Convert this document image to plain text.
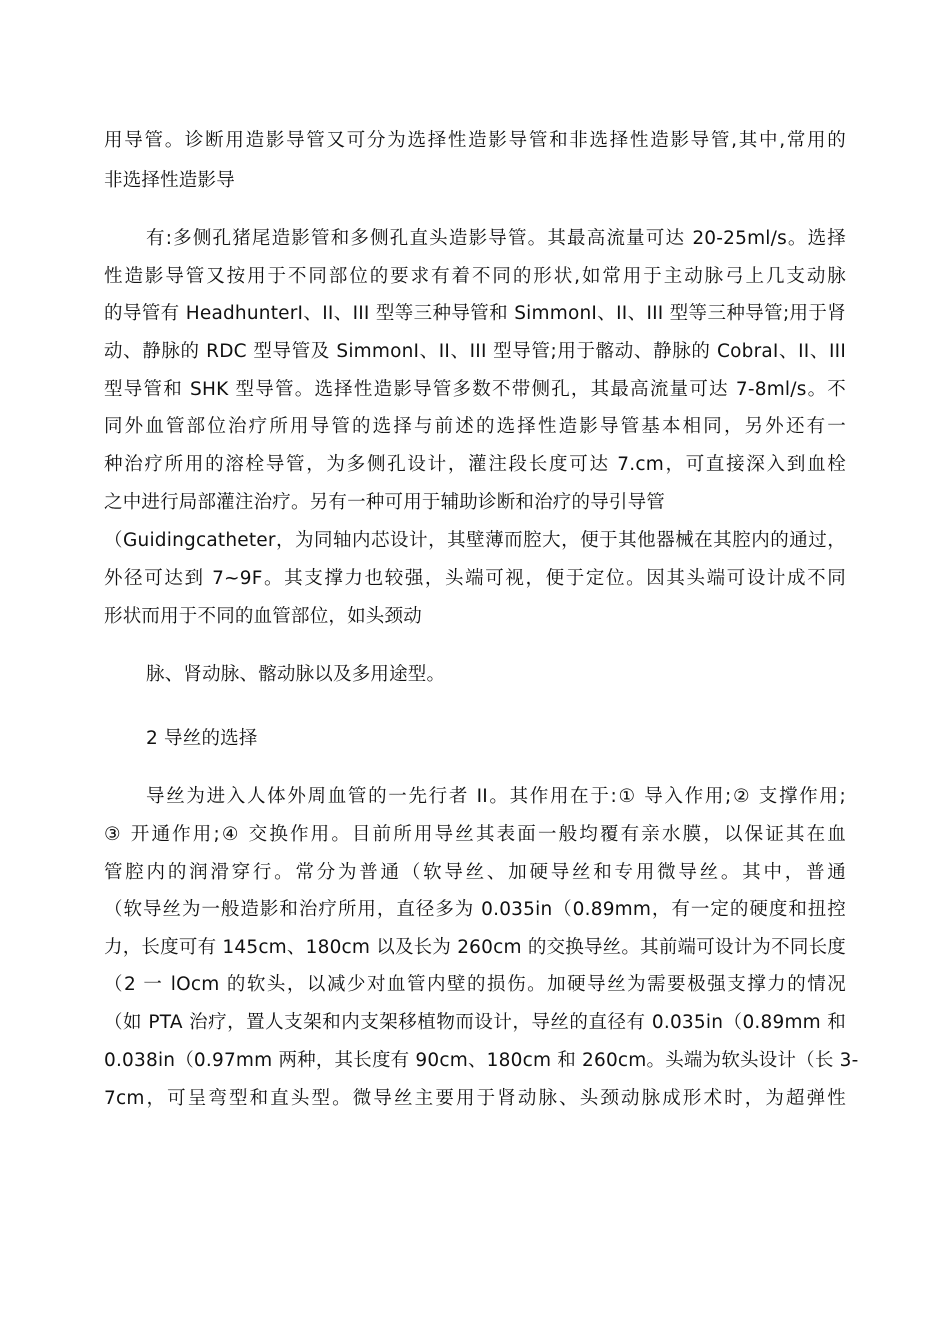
用导管。诊断用造影导管又可分为选择性造影导管和非选择性造影导管,其中,常用的

非选择性造影导

有:多侧孔猪尾造影管和多侧孔直头造影导管。其最高流量可达 20-25ml/s。选择

性造影导管又按用于不同部位的要求有着不同的形状,如常用于主动脉弓上几支动脉

的导管有 HeadhunterI、II、III 型等三种导管和 SimmonI、II、III 型等三种导管;用于肾

动、静脉的 RDC 型导管及 SimmonI、II、III 型导管;用于髂动、静脉的 CobraI、II、III

型导管和 SHK 型导管。选择性造影导管多数不带侧孔，其最高流量可达 7-8ml/s。不

同外血管部位治疗所用导管的选择与前述的选择性造影导管基本相同，另外还有一

种治疗所用的溶栓导管，为多侧孔设计，灌注段长度可达 7.cm，可直接深入到血栓

之中进行局部灌注治疗。另有一种可用于辅助诊断和治疗的导引导管

（Guidingcatheter，为同轴内芯设计，其壁薄而腔大，便于其他器械在其腔内的通过，

外径可达到 7~9F。其支撑力也较强，头端可视，便于定位。因其头端可设计成不同

形状而用于不同的血管部位，如头颈动

脉、肾动脉、髂动脉以及多用途型。

2 导丝的选择

导丝为进入人体外周血管的一先行者 II。其作用在于:① 导入作用;② 支撑作用;

③ 开通作用;④ 交换作用。目前所用导丝其表面一般均覆有亲水膜，以保证其在血

管腔内的润滑穿行。常分为普通（软导丝、加硬导丝和专用微导丝。其中，普通

（软导丝为一般造影和治疗所用，直径多为 0.035in（0.89mm，有一定的硬度和扭控

力，长度可有 145cm、180cm 以及长为 260cm 的交换导丝。其前端可设计为不同长度

（2 一 lOcm 的软头，以减少对血管内壁的损伤。加硬导丝为需要极强支撑力的情况

（如 PTA 治疗，置人支架和内支架移植物而设计，导丝的直径有 0.035in（0.89mm 和

0.038in（0.97mm 两种，其长度有 90cm、180cm 和 260cm。头端为软头设计（长 3-

7cm，可呈弯型和直头型。微导丝主要用于肾动脉、头颈动脉成形术时，为超弹性
